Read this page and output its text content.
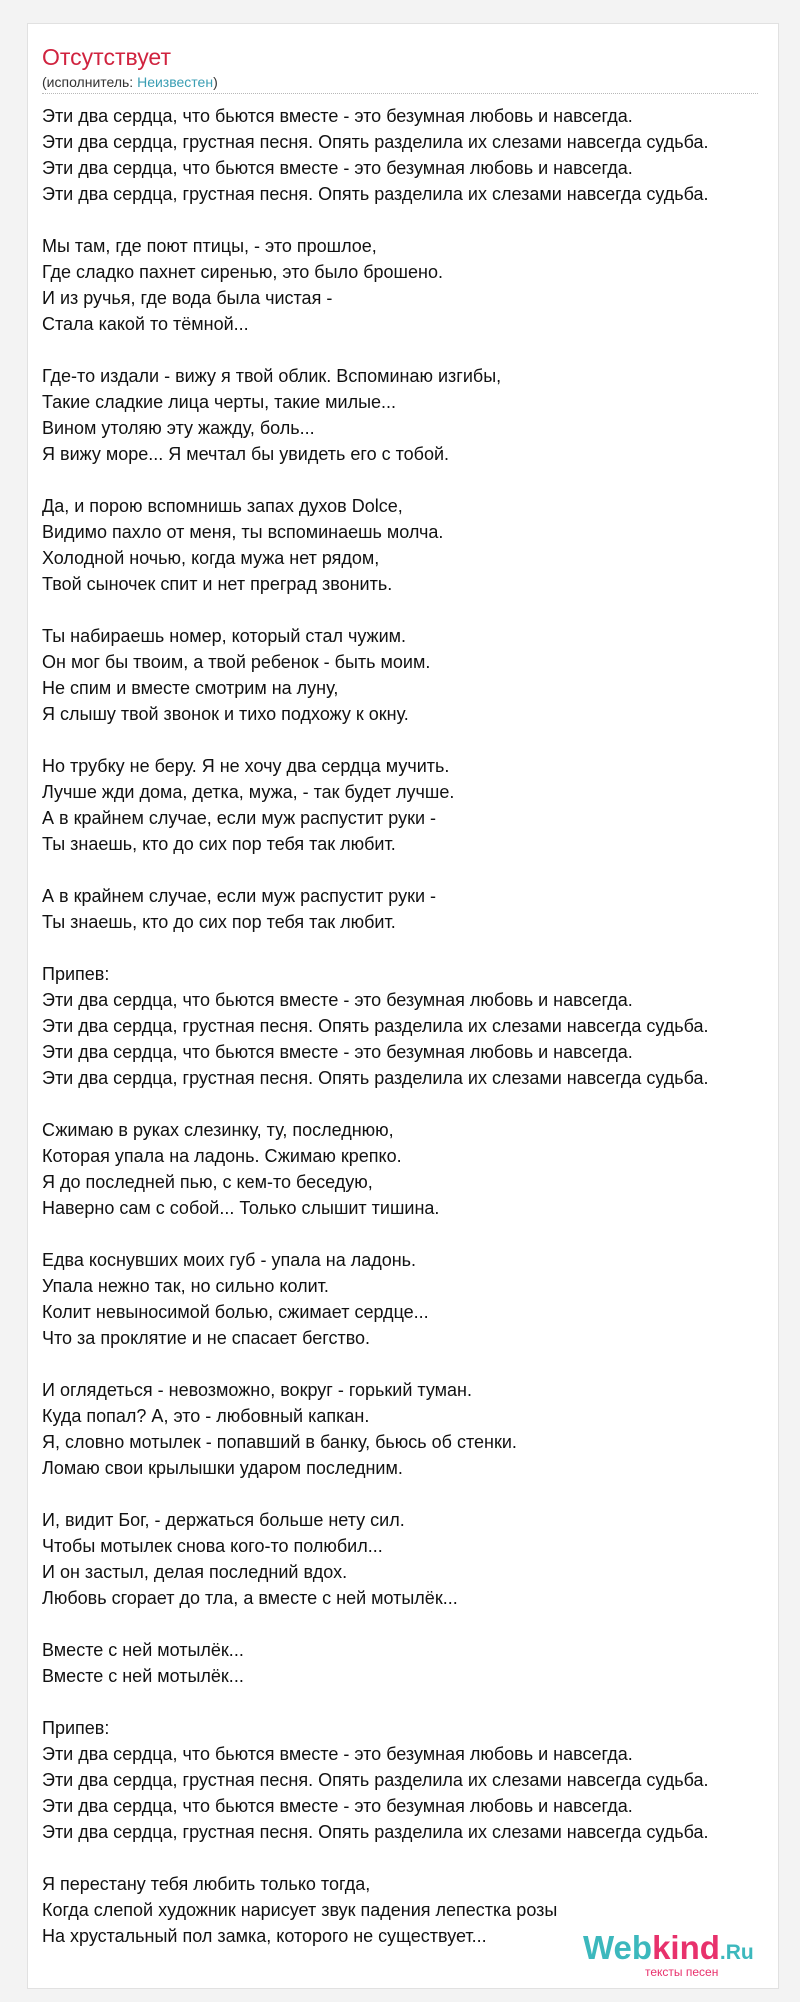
Отсутствует
(исполнитель: Неизвестен)
Эти два сердца, что бьются вместе - это безумная любовь и навсегда.
Эти два сердца, грустная песня. Опять разделила их слезами навсегда судьба.
Эти два сердца, что бьются вместе - это безумная любовь и навсегда.
Эти два сердца, грустная песня. Опять разделила их слезами навсегда судьба.
Мы там, где поют птицы, - это прошлое,
Где сладко пахнет сиренью, это было брошено.
И из ручья, где вода была чистая -
Стала какой то тёмной...
Где-то издали - вижу я твой облик. Вспоминаю изгибы,
Такие сладкие лица черты, такие милые...
Вином утоляю эту жажду, боль...
Я вижу море... Я мечтал бы увидеть его с тобой.
Да, и порою вспомнишь запах духов Dolce,
Видимо пахло от меня, ты вспоминаешь молча.
Холодной ночью, когда мужа нет рядом,
Твой сыночек спит и нет преград звонить.
Ты набираешь номер, который стал чужим.
Он мог бы твоим, а твой ребенок - быть моим.
Не спим и вместе смотрим на луну,
Я слышу твой звонок и тихо подхожу к окну.
Но трубку не беру. Я не хочу два сердца мучить.
Лучше жди дома, детка, мужа, - так будет лучше.
А в крайнем случае, если муж распустит руки -
Ты знаешь, кто до сих пор тебя так любит.
А в крайнем случае, если муж распустит руки -
Ты знаешь, кто до сих пор тебя так любит.
Припев:
Эти два сердца, что бьются вместе - это безумная любовь и навсегда.
Эти два сердца, грустная песня. Опять разделила их слезами навсегда судьба.
Эти два сердца, что бьются вместе - это безумная любовь и навсегда.
Эти два сердца, грустная песня. Опять разделила их слезами навсегда судьба.
Сжимаю в руках слезинку, ту, последнюю,
Которая упала на ладонь. Сжимаю крепко.
Я до последней пью, с кем-то беседую,
Наверно сам с собой... Только слышит тишина.
Едва коснувших моих губ - упала на ладонь.
Упала нежно так, но сильно колит.
Колит невыносимой болью, сжимает сердце...
Что за проклятие и не спасает бегство.
И оглядеться - невозможно, вокруг - горький туман.
Куда попал? А, это - любовный капкан.
Я, словно мотылек - попавший в банку, бьюсь об стенки.
Ломаю свои крылышки ударом последним.
И, видит Бог, - держаться больше нету сил.
Чтобы мотылек снова кого-то полюбил...
И он застыл, делая последний вдох.
Любовь сгорает до тла, а вместе с ней мотылёк...
Вместе с ней мотылёк...
Вместе с ней мотылёк...
Припев:
Эти два сердца, что бьются вместе - это безумная любовь и навсегда.
Эти два сердца, грустная песня. Опять разделила их слезами навсегда судьба.
Эти два сердца, что бьются вместе - это безумная любовь и навсегда.
Эти два сердца, грустная песня. Опять разделила их слезами навсегда судьба.
Я перестану тебя любить только тогда,
Когда слепой художник нарисует звук падения лепестка розы
На хрустальный пол замка, которого не существует...	Webkind.Ru
тексты песен
